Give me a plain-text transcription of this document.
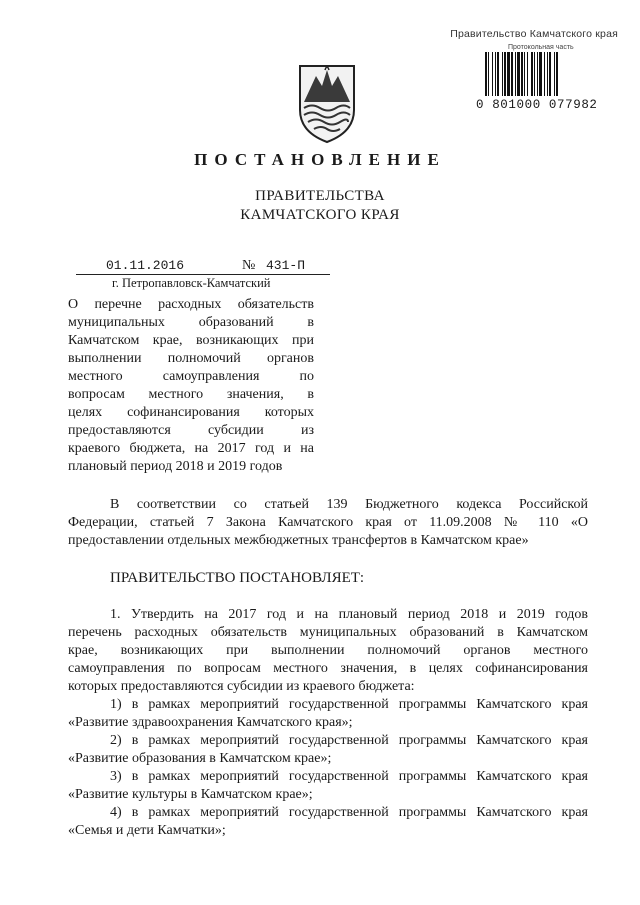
Правительство Камчатского края
Протокольная часть
0 801000 077982
ПОСТАНОВЛЕНИЕ
ПРАВИТЕЛЬСТВА
КАМЧАТСКОГО КРАЯ
01.11.2016	№ 431-П
г. Петропавловск-Камчатский
О перечне расходных обязательств
муниципальных образований в
Камчатском крае, возникающих при
выполнении полномочий органов
местного самоуправления по
вопросам местного значения, в
целях софинансирования которых
предоставляются субсидии из
краевого бюджета, на 2017 год и на
плановый период 2018 и 2019 годов
В соответствии со статьей 139 Бюджетного кодекса Российской
Федерации, статьей 7 Закона Камчатского края от 11.09.2008 № 110 «О
предоставлении отдельных межбюджетных трансфертов в Камчатском крае»
ПРАВИТЕЛЬСТВО ПОСТАНОВЛЯЕТ:
1. Утвердить на 2017 год и на плановый период 2018 и 2019 годов
перечень расходных обязательств муниципальных образований в Камчатском
крае, возникающих при выполнении полномочий органов местного
самоуправления по вопросам местного значения, в целях софинансирования
которых предоставляются субсидии из краевого бюджета:
1) в рамках мероприятий государственной программы Камчатского края
«Развитие здравоохранения Камчатского края»;
2) в рамках мероприятий государственной программы Камчатского края
«Развитие образования в Камчатском крае»;
3) в рамках мероприятий государственной программы Камчатского края
«Развитие культуры в Камчатском крае»;
4) в рамках мероприятий государственной программы Камчатского края
«Семья и дети Камчатки»;
